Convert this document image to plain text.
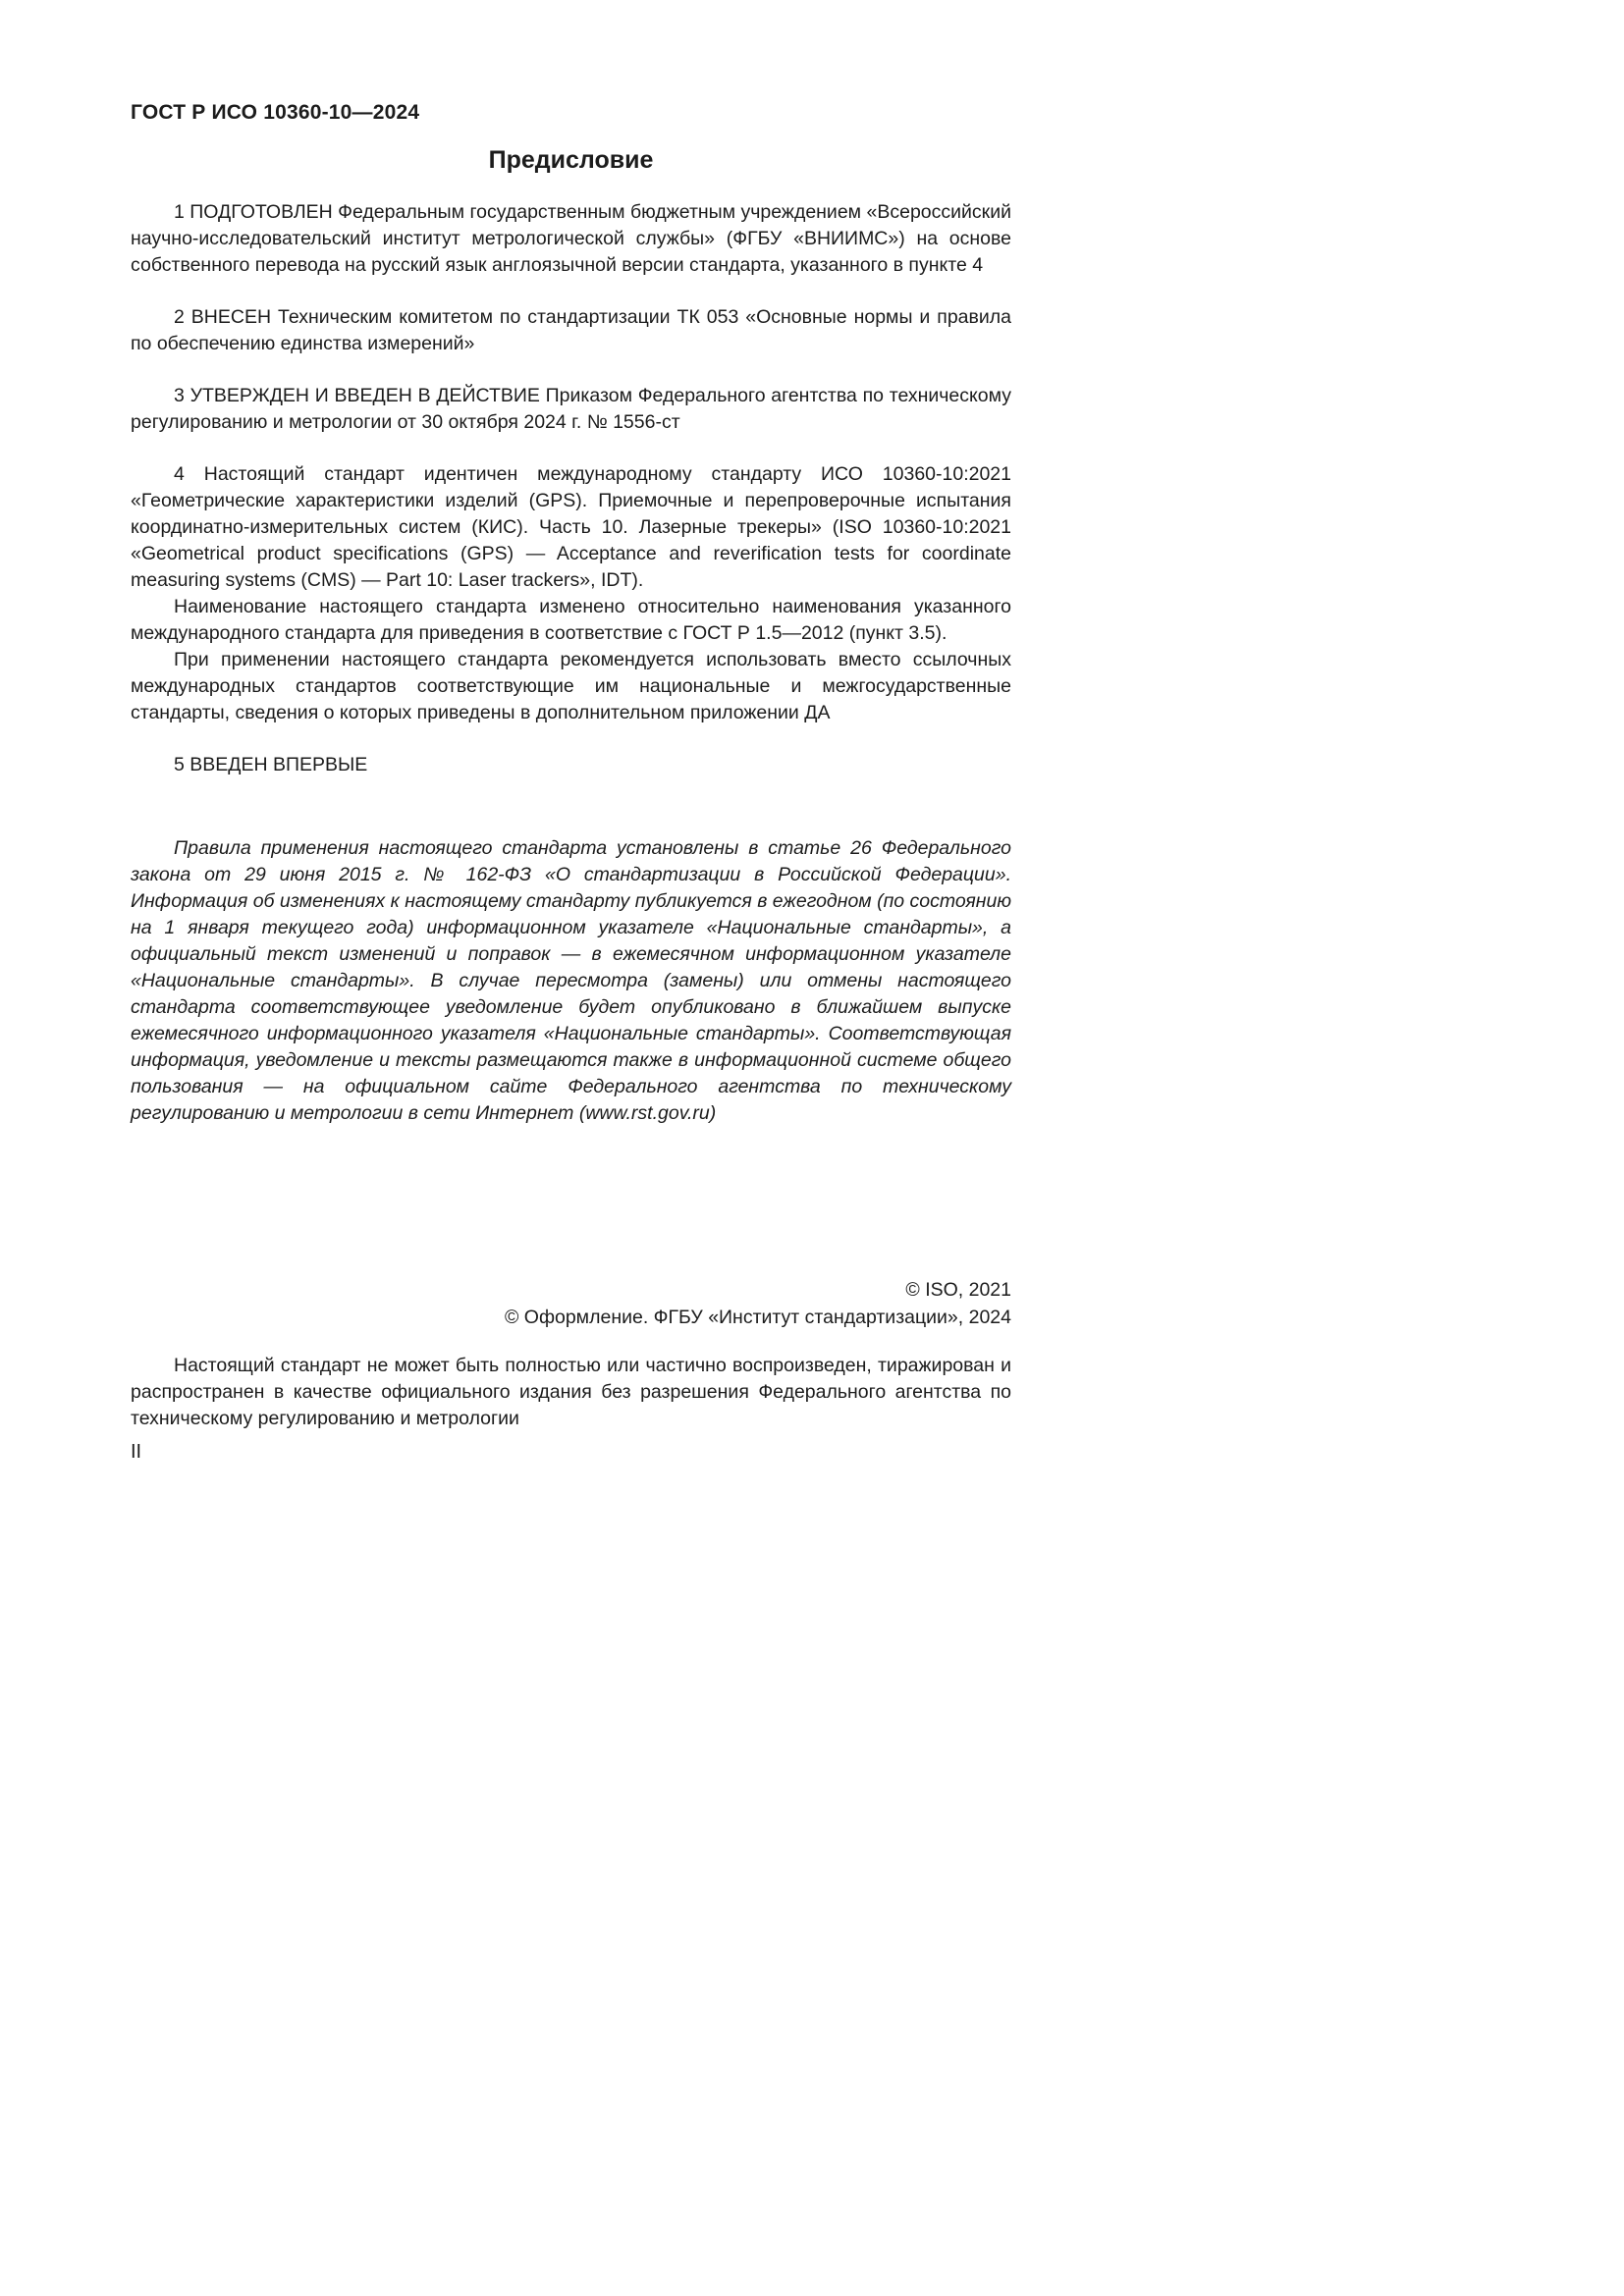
ГОСТ Р ИСО 10360-10—2024
Предисловие

1 ПОДГОТОВЛЕН Федеральным государственным бюджетным учреждением «Всероссийский научно-исследовательский институт метрологической службы» (ФГБУ «ВНИИМС») на основе собственного перевода на русский язык англоязычной версии стандарта, указанного в пункте 4

2 ВНЕСЕН Техническим комитетом по стандартизации ТК 053 «Основные нормы и правила по обеспечению единства измерений»

3 УТВЕРЖДЕН И ВВЕДЕН В ДЕЙСТВИЕ Приказом Федерального агентства по техническому регулированию и метрологии от 30 октября 2024 г. № 1556-ст

4 Настоящий стандарт идентичен международному стандарту ИСО 10360-10:2021 «Геометрические характеристики изделий (GPS). Приемочные и перепроверочные испытания координатно-измерительных систем (КИС). Часть 10. Лазерные трекеры» (ISO 10360-10:2021 «Geometrical product specifications (GPS) — Acceptance and reverification tests for coordinate measuring systems (CMS) — Part 10: Laser trackers», IDT).

Наименование настоящего стандарта изменено относительно наименования указанного международного стандарта для приведения в соответствие с ГОСТ Р 1.5—2012 (пункт 3.5).

При применении настоящего стандарта рекомендуется использовать вместо ссылочных международных стандартов соответствующие им национальные и межгосударственные стандарты, сведения о которых приведены в дополнительном приложении ДА

5 ВВЕДЕН ВПЕРВЫЕ

Правила применения настоящего стандарта установлены в статье 26 Федерального закона от 29 июня 2015 г. № 162-ФЗ «О стандартизации в Российской Федерации». Информация об изменениях к настоящему стандарту публикуется в ежегодном (по состоянию на 1 января текущего года) информационном указателе «Национальные стандарты», а официальный текст изменений и поправок — в ежемесячном информационном указателе «Национальные стандарты». В случае пересмотра (замены) или отмены настоящего стандарта соответствующее уведомление будет опубликовано в ближайшем выпуске ежемесячного информационного указателя «Национальные стандарты». Соответствующая информация, уведомление и тексты размещаются также в информационной системе общего пользования — на официальном сайте Федерального агентства по техническому регулированию и метрологии в сети Интернет (www.rst.gov.ru)

© ISO, 2021
© Оформление. ФГБУ «Институт стандартизации», 2024

Настоящий стандарт не может быть полностью или частично воспроизведен, тиражирован и распространен в качестве официального издания без разрешения Федерального агентства по техническому регулированию и метрологии

II
